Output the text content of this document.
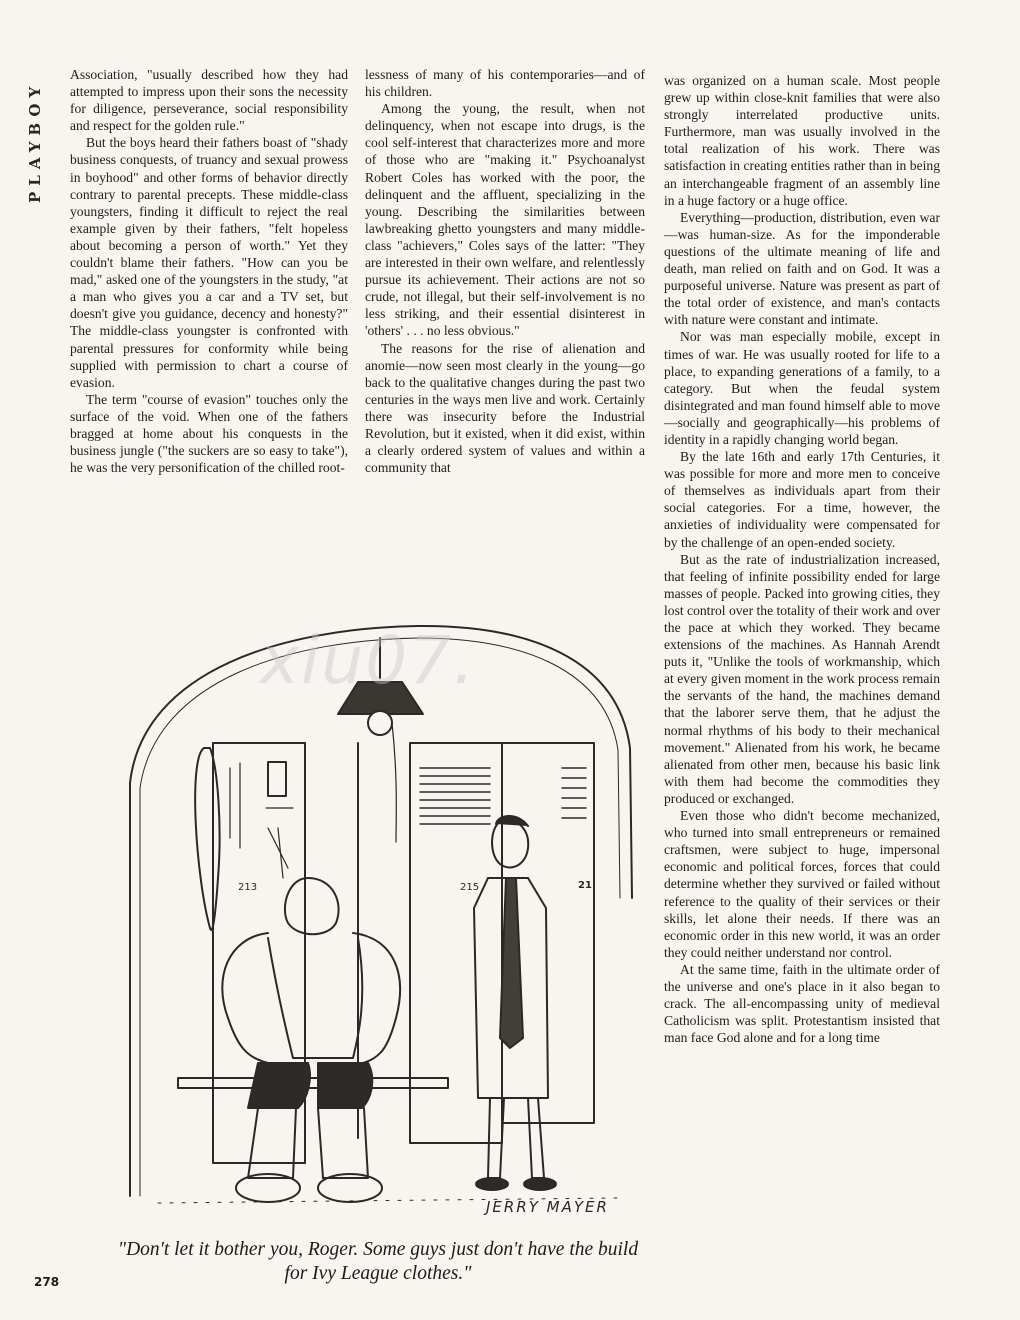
PLAYBOY

Association, "usually described how they had attempted to impress upon their sons the necessity for diligence, perseverance, social responsibility and respect for the golden rule."

But the boys heard their fathers boast of "shady business conquests, of truancy and sexual prowess in boyhood" and other forms of behavior directly contrary to parental precepts. These middle-class youngsters, finding it difficult to reject the real example given by their fathers, "felt hopeless about becoming a person of worth." Yet they couldn't blame their fathers. "How can you be mad," asked one of the youngsters in the study, "at a man who gives you a car and a TV set, but doesn't give you guidance, decency and honesty?" The middle-class youngster is confronted with parental pressures for conformity while being supplied with permission to chart a course of evasion.

The term "course of evasion" touches only the surface of the void. When one of the fathers bragged at home about his conquests in the business jungle ("the suckers are so easy to take"), he was the very personification of the chilled root-

lessness of many of his contemporaries—and of his children.

Among the young, the result, when not delinquency, when not escape into drugs, is the cool self-interest that characterizes more and more of those who are "making it." Psychoanalyst Robert Coles has worked with the poor, the delinquent and the affluent, specializing in the young. Describing the similarities between lawbreaking ghetto youngsters and many middle-class "achievers," Coles says of the latter: "They are interested in their own welfare, and relentlessly pursue its achievement. Their actions are not so crude, not illegal, but their self-involvement is no less striking, and their essential disinterest in 'others' . . . no less obvious."

The reasons for the rise of alienation and anomie—now seen most clearly in the young—go back to the qualitative changes during the past two centuries in the ways men live and work. Certainly there was insecurity before the Industrial Revolution, but it existed, when it did exist, within a clearly ordered system of values and within a community that

was organized on a human scale. Most people grew up within close-knit families that were also strongly interrelated productive units. Furthermore, man was usually involved in the total realization of his work. There was satisfaction in creating entities rather than in being an interchangeable fragment of an assembly line in a huge factory or a huge office.

Everything—production, distribution, even war—was human-size. As for the imponderable questions of the ultimate meaning of life and death, man relied on faith and on God. It was a purposeful universe. Nature was present as part of the total order of existence, and man's contacts with nature were constant and intimate.

Nor was man especially mobile, except in times of war. He was usually rooted for life to a place, to expanding generations of a family, to a category. But when the feudal system disintegrated and man found himself able to move—socially and geographically—his problems of identity in a rapidly changing world began.

By the late 16th and early 17th Centuries, it was possible for more and more men to conceive of themselves as individuals apart from their social categories. For a time, however, the anxieties of individuality were compensated for by the challenge of an open-ended society.

But as the rate of industrialization increased, that feeling of infinite possibility ended for large masses of people. Packed into growing cities, they lost control over the totality of their work and over the pace at which they worked. They became extensions of the machines. As Hannah Arendt puts it, "Unlike the tools of workmanship, which at every given moment in the work process remain the servants of the hand, the machines demand that the laborer serve them, that he adjust the normal rhythms of his body to their mechanical movement." Alienated from his work, he became alienated from other men, because his basic link with them had become the commodities they produced or exchanged.

Even those who didn't become mechanized, who turned into small entrepreneurs or remained craftsmen, were subject to huge, impersonal economic and political forces, forces that could determine whether they survived or failed without reference to the quality of their services or their skills, let alone their needs. If there was an economic order in this new world, it was an order they could neither understand nor control.

At the same time, faith in the ultimate order of the universe and one's place in it also began to crack. The all-encompassing unity of medieval Catholicism was split. Protestantism insisted that man face God alone and for a long time

213	215	21
xiu07.
JERRY MAYER
"Don't let it bother you, Roger. Some guys just don't have the build for Ivy League clothes."
278
